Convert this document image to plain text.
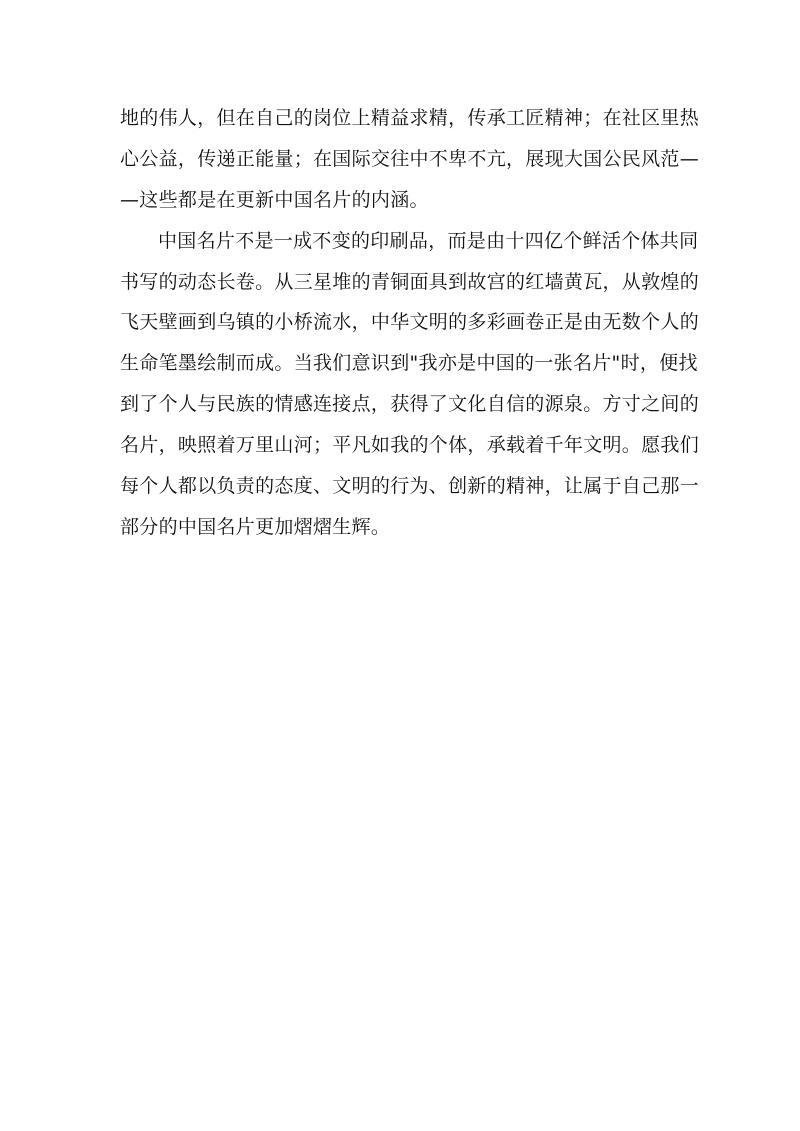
地的伟人，但在自己的岗位上精益求精，传承工匠精神；在社区里热
心公益，传递正能量；在国际交往中不卑不亢，展现大国公民风范—
—这些都是在更新中国名片的内涵。
中国名片不是一成不变的印刷品，而是由十四亿个鲜活个体共同
书写的动态长卷。从三星堆的青铜面具到故宫的红墙黄瓦，从敦煌的
飞天壁画到乌镇的小桥流水，中华文明的多彩画卷正是由无数个人的
生命笔墨绘制而成。当我们意识到"我亦是中国的一张名片"时，便找
到了个人与民族的情感连接点，获得了文化自信的源泉。方寸之间的
名片，映照着万里山河；平凡如我的个体，承载着千年文明。愿我们
每个人都以负责的态度、文明的行为、创新的精神，让属于自己那一
部分的中国名片更加熠熠生辉。
